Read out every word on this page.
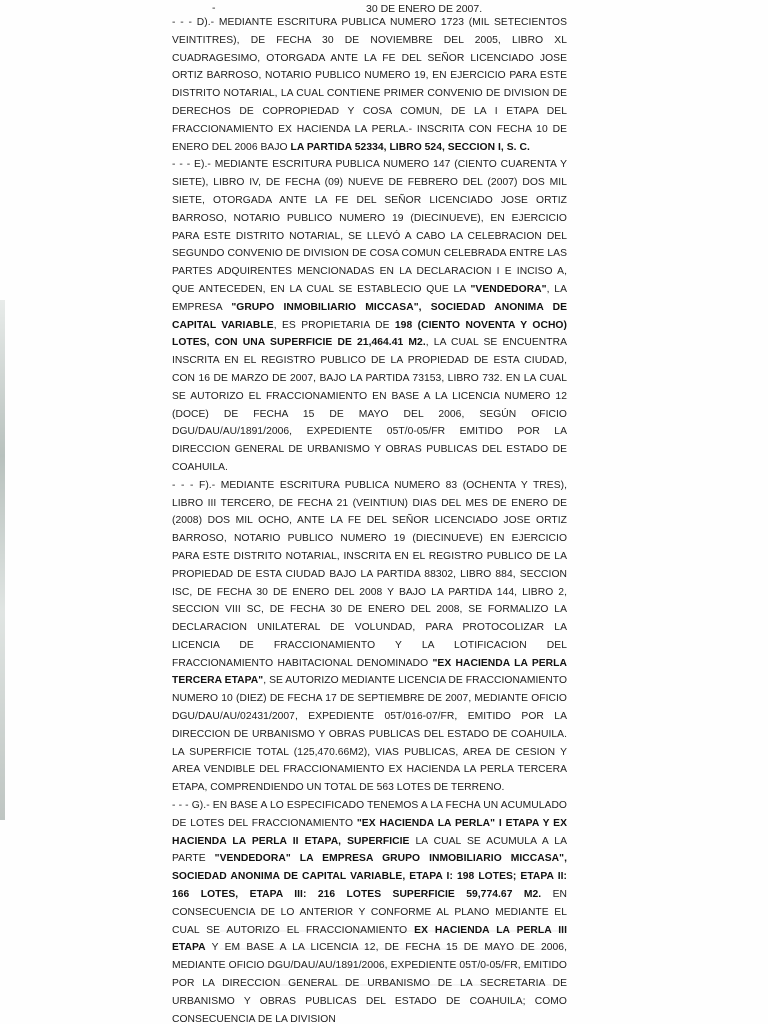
-	30 DE ENERO DE 2007.

- - - D).- MEDIANTE ESCRITURA PUBLICA NUMERO 1723 (MIL SETECIENTOS VEINTITRES), DE FECHA 30 DE NOVIEMBRE DEL 2005, LIBRO XL CUADRAGESIMO, OTORGADA ANTE LA FE DEL SEÑOR LICENCIADO JOSE ORTIZ BARROSO, NOTARIO PUBLICO NUMERO 19, EN EJERCICIO PARA ESTE DISTRITO NOTARIAL, LA CUAL CONTIENE PRIMER CONVENIO DE DIVISION DE DERECHOS DE COPROPIEDAD Y COSA COMUN, DE LA I ETAPA DEL FRACCIONAMIENTO EX HACIENDA LA PERLA.- INSCRITA CON FECHA 10 DE ENERO DEL 2006 BAJO LA PARTIDA 52334, LIBRO 524, SECCION I, S. C.

- - - E).- MEDIANTE ESCRITURA PUBLICA NUMERO 147 (CIENTO CUARENTA Y SIETE), LIBRO IV, DE FECHA (09) NUEVE DE FEBRERO DEL (2007) DOS MIL SIETE, OTORGADA ANTE LA FE DEL SEÑOR LICENCIADO JOSE ORTIZ BARROSO, NOTARIO PUBLICO NUMERO 19 (DIECINUEVE), EN EJERCICIO PARA ESTE DISTRITO NOTARIAL, SE LLEVÓ A CABO LA CELEBRACION DEL SEGUNDO CONVENIO DE DIVISION DE COSA COMUN CELEBRADA ENTRE LAS PARTES ADQUIRENTES MENCIONADAS EN LA DECLARACION I E INCISO A, QUE ANTECEDEN, EN LA CUAL SE ESTABLECIO QUE LA "VENDEDORA", LA EMPRESA "GRUPO INMOBILIARIO MICCASA", SOCIEDAD ANONIMA DE CAPITAL VARIABLE, ES PROPIETARIA DE 198 (CIENTO NOVENTA Y OCHO) LOTES, CON UNA SUPERFICIE DE 21,464.41 M2., LA CUAL SE ENCUENTRA INSCRITA EN EL REGISTRO PUBLICO DE LA PROPIEDAD DE ESTA CIUDAD, CON 16 DE MARZO DE 2007, BAJO LA PARTIDA 73153, LIBRO 732. EN LA CUAL SE AUTORIZO EL FRACCIONAMIENTO EN BASE A LA LICENCIA NUMERO 12 (DOCE) DE FECHA 15 DE MAYO DEL 2006, SEGÚN OFICIO DGU/DAU/AU/1891/2006, EXPEDIENTE 05T/0-05/FR EMITIDO POR LA DIRECCION GENERAL DE URBANISMO Y OBRAS PUBLICAS DEL ESTADO DE COAHUILA.

- - - F).- MEDIANTE ESCRITURA PUBLICA NUMERO 83 (OCHENTA Y TRES), LIBRO III TERCERO, DE FECHA 21 (VEINTIUN) DIAS DEL MES DE ENERO DE (2008) DOS MIL OCHO, ANTE LA FE DEL SEÑOR LICENCIADO JOSE ORTIZ BARROSO, NOTARIO PUBLICO NUMERO 19 (DIECINUEVE) EN EJERCICIO PARA ESTE DISTRITO NOTARIAL, INSCRITA EN EL REGISTRO PUBLICO DE LA PROPIEDAD DE ESTA CIUDAD BAJO LA PARTIDA 88302, LIBRO 884, SECCION ISC, DE FECHA 30 DE ENERO DEL 2008 Y BAJO LA PARTIDA 144, LIBRO 2, SECCION VIII SC, DE FECHA 30 DE ENERO DEL 2008, SE FORMALIZO LA DECLARACION UNILATERAL DE VOLUNDAD, PARA PROTOCOLIZAR LA LICENCIA DE FRACCIONAMIENTO Y LA LOTIFICACION DEL FRACCIONAMIENTO HABITACIONAL DENOMINADO "EX HACIENDA LA PERLA TERCERA ETAPA", SE AUTORIZO MEDIANTE LICENCIA DE FRACCIONAMIENTO NUMERO 10 (DIEZ) DE FECHA 17 DE SEPTIEMBRE DE 2007, MEDIANTE OFICIO DGU/DAU/AU/02431/2007, EXPEDIENTE 05T/016-07/FR, EMITIDO POR LA DIRECCION DE URBANISMO Y OBRAS PUBLICAS DEL ESTADO DE COAHUILA. LA SUPERFICIE TOTAL (125,470.66M2), VIAS PUBLICAS, AREA DE CESION Y AREA VENDIBLE DEL FRACCIONAMIENTO EX HACIENDA LA PERLA TERCERA ETAPA, COMPRENDIENDO UN TOTAL DE 563 LOTES DE TERRENO.

- - - G).- EN BASE A LO ESPECIFICADO TENEMOS A LA FECHA UN ACUMULADO DE LOTES DEL FRACCIONAMIENTO "EX HACIENDA LA PERLA" I ETAPA Y EX HACIENDA LA PERLA II ETAPA, SUPERFICIE LA CUAL SE ACUMULA A LA PARTE "VENDEDORA" LA EMPRESA GRUPO INMOBILIARIO MICCASA", SOCIEDAD ANONIMA DE CAPITAL VARIABLE, ETAPA I: 198 LOTES; ETAPA II: 166 LOTES, ETAPA III: 216 LOTES SUPERFICIE 59,774.67 M2. EN CONSECUENCIA DE LO ANTERIOR Y CONFORME AL PLANO MEDIANTE EL CUAL SE AUTORIZO EL FRACCIONAMIENTO EX HACIENDA LA PERLA III ETAPA Y EM BASE A LA LICENCIA 12, DE FECHA 15 DE MAYO DE 2006, MEDIANTE OFICIO DGU/DAU/AU/1891/2006, EXPEDIENTE 05T/0-05/FR, EMITIDO POR LA DIRECCION GENERAL DE URBANISMO DE LA SECRETARIA DE URBANISMO Y OBRAS PUBLICAS DEL ESTADO DE COAHUILA; COMO CONSECUENCIA DE LA DIVISION
